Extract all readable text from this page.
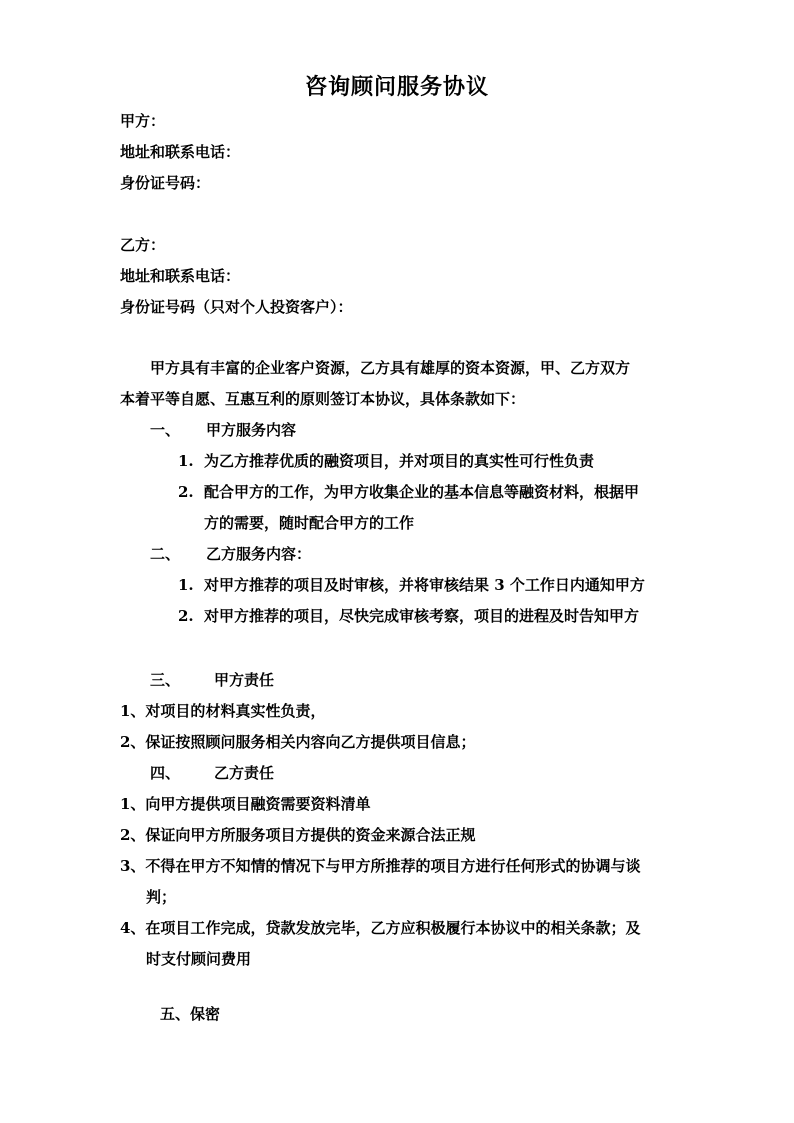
咨询顾问服务协议
甲方：
地址和联系电话：
身份证号码：
乙方：
地址和联系电话：
身份证号码（只对个人投资客户）：
甲方具有丰富的企业客户资源，乙方具有雄厚的资本资源，甲、乙方双方
本着平等自愿、互惠互利的原则签订本协议，具体条款如下：
一、 甲方服务内容
1. 为乙方推荐优质的融资项目，并对项目的真实性可行性负责
2. 配合甲方的工作，为甲方收集企业的基本信息等融资材料，根据甲
方的需要，随时配合甲方的工作
二、 乙方服务内容：
1. 对甲方推荐的项目及时审核，并将审核结果 3 个工作日内通知甲方
2. 对甲方推荐的项目，尽快完成审核考察，项目的进程及时告知甲方
三、 甲方责任
1、对项目的材料真实性负责，
2、保证按照顾问服务相关内容向乙方提供项目信息；
四、 乙方责任
1、向甲方提供项目融资需要资料清单
2、保证向甲方所服务项目方提供的资金来源合法正规
3、不得在甲方不知情的情况下与甲方所推荐的项目方进行任何形式的协调与谈
判；
4、在项目工作完成，贷款发放完毕，乙方应积极履行本协议中的相关条款；及
时支付顾问费用
五、保密
